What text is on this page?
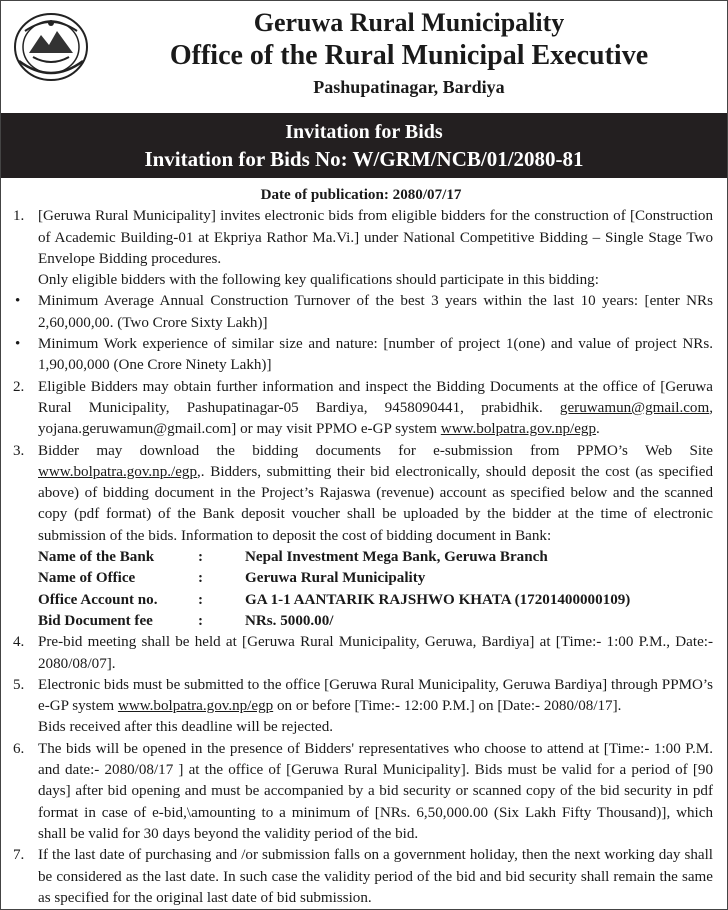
Geruwa Rural Municipality
Office of the Rural Municipal Executive
Pashupatinagar, Bardiya
Invitation for Bids
Invitation for Bids No: W/GRM/NCB/01/2080-81
Date of publication: 2080/07/17
1. [Geruwa Rural Municipality] invites electronic bids from eligible bidders for the construction of [Construction of Academic Building-01 at Ekpriya Rathor Ma.Vi.] under National Competitive Bidding – Single Stage Two Envelope Bidding procedures.
Only eligible bidders with the following key qualifications should participate in this bidding:
• Minimum Average Annual Construction Turnover of the best 3 years within the last 10 years: [enter NRs 2,60,000,00. (Two Crore Sixty Lakh)]
• Minimum Work experience of similar size and nature: [number of project 1(one) and value of project NRs. 1,90,00,000 (One Crore Ninety Lakh)]
2. Eligible Bidders may obtain further information and inspect the Bidding Documents at the office of [Geruwa Rural Municipality, Pashupatinagar-05 Bardiya, 9458090441, prabidhik. geruwamun@gmail.com, yojana.geruwamun@gmail.com] or may visit PPMO e-GP system www.bolpatra.gov.np/egp.
3. Bidder may download the bidding documents for e-submission from PPMO’s Web Site www.bolpatra.gov.np./egp,. Bidders, submitting their bid electronically, should deposit the cost (as specified above) of bidding document in the Project’s Rajaswa (revenue) account as specified below and the scanned copy (pdf format) of the Bank deposit voucher shall be uploaded by the bidder at the time of electronic submission of the bids. Information to deposit the cost of bidding document in Bank:
Name of the Bank	:	Nepal Investment Mega Bank, Geruwa Branch
Name of Office	:	Geruwa Rural Municipality
Office Account no.	:	GA 1-1 AANTARIK RAJSHWO KHATA (17201400000109)
Bid Document fee	:	NRs. 5000.00/
4. Pre-bid meeting shall be held at [Geruwa Rural Municipality, Geruwa, Bardiya] at [Time:- 1:00 P.M., Date:- 2080/08/07].
5. Electronic bids must be submitted to the office [Geruwa Rural Municipality, Geruwa Bardiya] through PPMO’s e-GP system www.bolpatra.gov.np/egp on or before [Time:- 12:00 P.M.] on [Date:- 2080/08/17].
Bids received after this deadline will be rejected.
6. The bids will be opened in the presence of Bidders' representatives who choose to attend at [Time:- 1:00 P.M. and date:- 2080/08/17 ] at the office of [Geruwa Rural Municipality]. Bids must be valid for a period of [90 days] after bid opening and must be accompanied by a bid security or scanned copy of the bid security in pdf format in case of e-bid,\amounting to a minimum of [NRs. 6,50,000.00 (Six Lakh Fifty Thousand)], which shall be valid for 30 days beyond the validity period of the bid.
7. If the last date of purchasing and /or submission falls on a government holiday, then the next working day shall be considered as the last date. In such case the validity period of the bid and bid security shall remain the same as specified for the original last date of bid submission.
